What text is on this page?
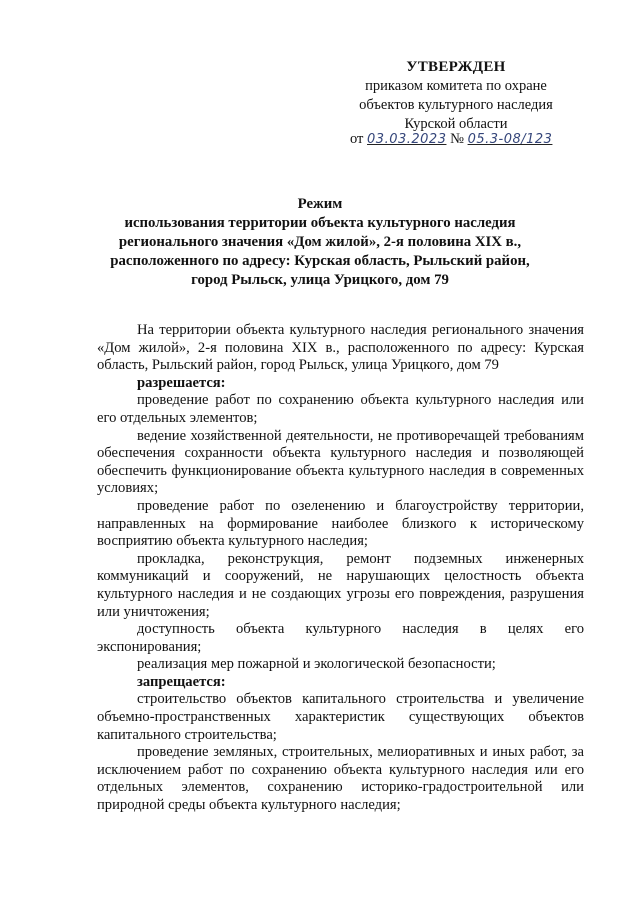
УТВЕРЖДЕН
приказом комитета по охране
объектов культурного наследия
Курской области
от 03.03.2023 № 05.3-08/123
Режим
использования территории объекта культурного наследия
регионального значения «Дом жилой», 2-я половина XIX в.,
расположенного по адресу: Курская область, Рыльский район,
город Рыльск, улица Урицкого, дом 79

На территории объекта культурного наследия регионального значения «Дом жилой», 2-я половина XIX в., расположенного по адресу: Курская область, Рыльский район, город Рыльск, улица Урицкого, дом 79

разрешается:

проведение работ по сохранению объекта культурного наследия или его отдельных элементов;

ведение хозяйственной деятельности, не противоречащей требованиям обеспечения сохранности объекта культурного наследия и позволяющей обеспечить функционирование объекта культурного наследия в современных условиях;

проведение работ по озеленению и благоустройству территории, направленных на формирование наиболее близкого к историческому восприятию объекта культурного наследия;

прокладка, реконструкция, ремонт подземных инженерных коммуникаций и сооружений, не нарушающих целостность объекта культурного наследия и не создающих угрозы его повреждения, разрушения или уничтожения;

доступность объекта культурного наследия в целях его экспонирования;

реализация мер пожарной и экологической безопасности;

запрещается:

строительство объектов капитального строительства и увеличение объемно-пространственных характеристик существующих объектов капитального строительства;

проведение земляных, строительных, мелиоративных и иных работ, за исключением работ по сохранению объекта культурного наследия или его отдельных элементов, сохранению историко-градостроительной или природной среды объекта культурного наследия;
